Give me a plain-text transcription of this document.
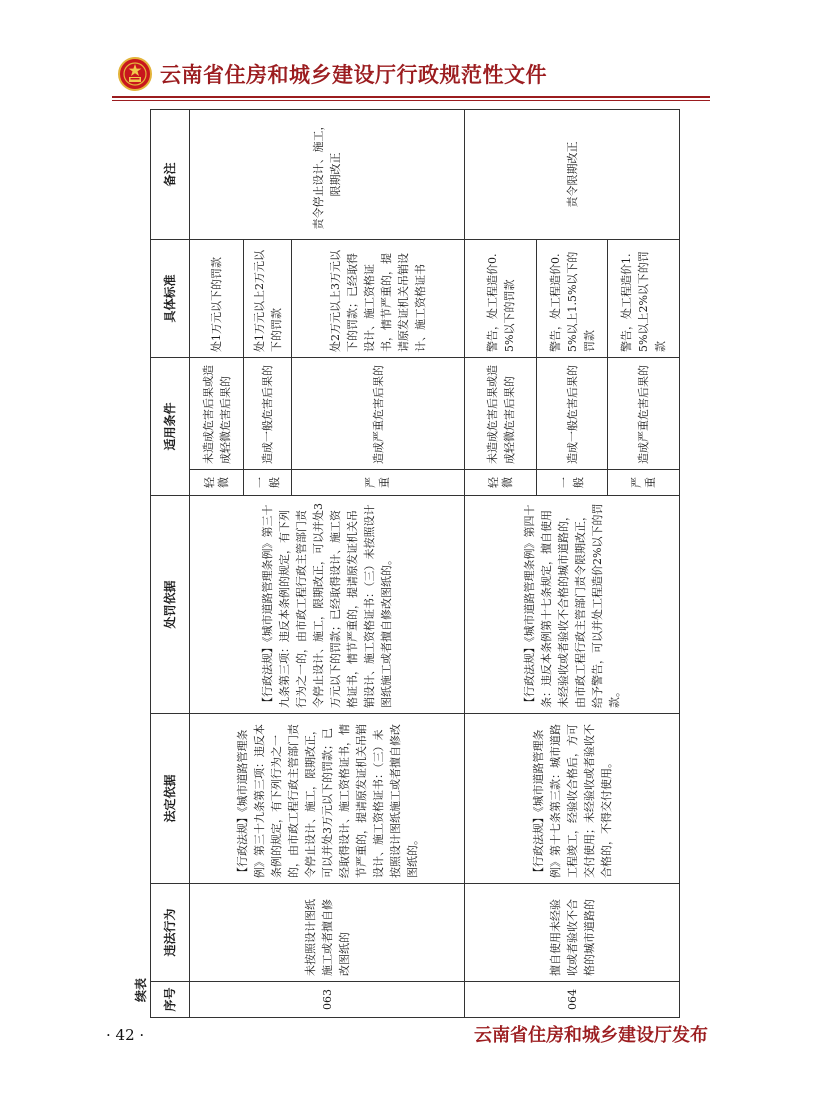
云南省住房和城乡建设厅行政规范性文件
续表 序号	违法行为	法定依据	处罚依据	适用条件		具体标准	备注
063	未按照设计图纸施工或者擅自修改图纸的	【行政法规】《城市道路管理条例》第三十九条第三项：违反本条例的规定，有下列行为之一的，由市政工程行政主管部门责令停止设计、施工，限期改正，可以并处3万元以下的罚款；已经取得设计、施工资格证书，情节严重的，提请原发证机关吊销设计、施工资格证书：（三）未按照设计图纸施工或者擅自修改图纸的。	【行政法规】《城市道路管理条例》第三十九条第三项：违反本条例的规定，有下列行为之一的，由市政工程行政主管部门责令停止设计、施工，限期改正，可以并处3万元以下的罚款；已经取得设计、施工资格证书，情节严重的，提请原发证机关吊销设计、施工资格证书：（三）未按照设计图纸施工或者擅自修改图纸的。	轻微	未造成危害后果或造成轻微危害后果的	处1万元以下的罚款	责令停止设计、施工，限期改正
				一般	造成一般危害后果的	处1万元以上2万元以下的罚款	
				严重	造成严重危害后果的	处2万元以上3万元以下的罚款；已经取得设计、施工资格证书，情节严重的，提请原发证机关吊销设计、施工资格证书	
064	擅自使用未经验收或者验收不合格的城市道路的	【行政法规】《城市道路管理条例》第十七条第三款：城市道路工程竣工，经验收合格后，方可交付使用；未经验收或者验收不合格的，不得交付使用。	【行政法规】《城市道路管理条例》第四十条：违反本条例第十七条规定，擅自使用未经验收或者验收不合格的城市道路的，由市政工程行政主管部门责令限期改正，给予警告，可以并处工程造价2%以下的罚款。	轻微	未造成危害后果或造成轻微危害后果的	警告，处工程造价0.5%以下的罚款	责令限期改正
				一般	造成一般危害后果的	警告，处工程造价0.5%以上1.5%以下的罚款	
				严重	造成严重危害后果的	警告，处工程造价1.5%以上2%以下的罚款	
· 42 ·	云南省住房和城乡建设厅发布
